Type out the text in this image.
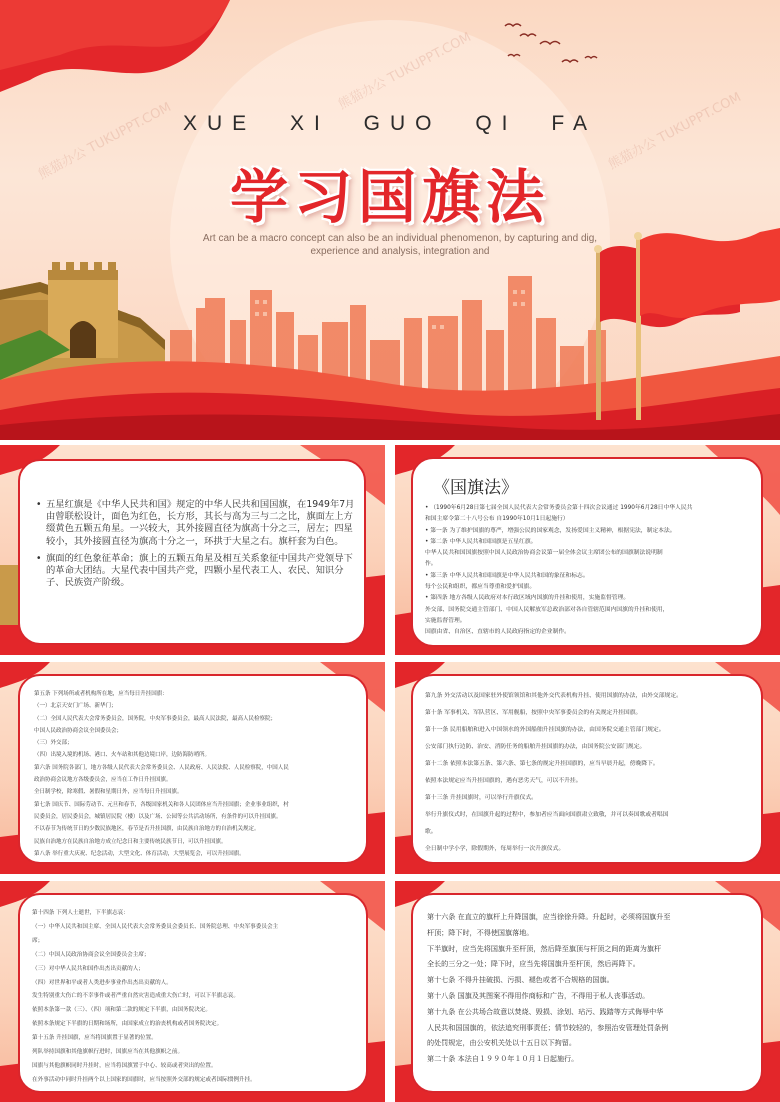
熊猫办公 TUKUPPT.COM
熊猫办公 TUKUPPT.COM
熊猫办公 TUKUPPT.COM
XUE XI GUO QI FA
学习国旗法
Art can be a macro concept can also be an individual phenomenon, by capturing and dig, experience and analysis, integration and
• 五星红旗是《中华人民共和国》规定的中华人民共和国国旗，在1949年7月由曾联松设计，面色为红色，长方形，其长与高为三与二之比，旗面左上方缀黄色五颗五角星。一兴较大，其外接圆直径为旗高十分之三，居左；四星较小，其外接圆直径为旗高十分之一，环拱于大星之右。旗杆套为白色。
• 旗面的红色象征革命；旗上的五颗五角星及相互关系象征中国共产党领导下的革命大团结。大星代表中国共产党，四颗小星代表工人、农民、知识分子、民族资产阶级。
《国旗法》
• （1990年6月28日第七届全国人民代表大会常务委员会第十四次会议通过 1990年6月28日中华人民共
和国主席令第二十八号公布 自1990年10月1日起施行）
• 第一条 为了维护国旗的尊严，增强公民的国家观念，发扬爱国主义精神，根据宪法，制定本法。
• 第二条 中华人民共和国国旗是五星红旗。
中华人民共和国国旗按照中国人民政治协商会议第一届全体会议主席团公布的国旗制法说明制
作。
• 第三条 中华人民共和国国旗是中华人民共和国的象征和标志。
每个公民和组织，都应当尊重和爱护国旗。
• 第四条 地方各级人民政府对本行政区域内国旗的升挂和使用，实施监督管理。
外交部、国务院交通主管部门、中国人民解放军总政治部对各自管辖范围内国旗的升挂和使用，
实施监督管理。
国旗由省、自治区、直辖市的人民政府指定的企业制作。
第五条 下列场所或者机构所在地，应当每日升挂国旗：
（一）北京天安门广场、新华门；
（二）全国人民代表大会常务委员会，国务院，中央军事委员会，最高人民法院，最高人民检察院；
中国人民政治协商会议全国委员会；
（三）外交部；
（四）出境入境的机场、港口、火车站和其他边境口岸，边防海防哨所。
第六条 国务院各部门，地方各级人民代表大会常务委员会、人民政府、人民法院、人民检察院，中国人民
政治协商会议地方各级委员会，应当在工作日升挂国旗。
全日制学校，除寒假、暑假和星期日外，应当每日升挂国旗。
第七条 国庆节、国际劳动节、元旦和春节，各级国家机关和各人民团体应当升挂国旗；企业事业组织，村
民委员会，居民委员会，城镇居民院（楼）以及广场、公园等公共活动场所，有条件的可以升挂国旗。
不以春节为传统节日的少数民族地区，春节是否升挂国旗，由民族自治地方的自治机关规定。
民族自治地方在民族自治地方成立纪念日和主要传统民族节日，可以升挂国旗。
第八条 举行重大庆祝、纪念活动，大型文化、体育活动，大型展览会，可以升挂国旗。
第九条 外交活动以及国家驻外使馆领馆和其他外交代表机构升挂、使用国旗的办法，由外交部规定。
第十条 军事机关、军队营区、军用舰船，按照中央军事委员会的有关规定升挂国旗。
第十一条 民用船舶和进入中国领水的外国船舶升挂国旗的办法，由国务院交通主管部门规定。
公安部门执行边防、治安、消防任务的船舶升挂国旗的办法，由国务院公安部门规定。
第十二条 依照本法第五条、第六条、第七条的规定升挂国旗的，应当早晨升起，傍晚降下。
依照本法规定应当升挂国旗的，遇有恶劣天气，可以不升挂。
第十三条 升挂国旗时，可以举行升旗仪式。
举行升旗仪式时，在国旗升起的过程中，参加者应当面向国旗肃立致敬，并可以奏国歌或者唱国
歌。
全日制中学小学，除假期外，每周举行一次升旗仪式。
第十四条 下列人士逝世，下半旗志哀：
（一）中华人民共和国主席、全国人民代表大会常务委员会委员长、国务院总理、中央军事委员会主
席；
（二）中国人民政治协商会议全国委员会主席；
（三）对中华人民共和国作出杰出贡献的人；
（四）对世界和平或者人类进步事业作出杰出贡献的人。
发生特别重大伤亡的不幸事件或者严重自然灾害造成重大伤亡时，可以下半旗志哀。
依照本条第一款（三）、（四）项和第二款的规定下半旗，由国务院决定。
依照本条规定下半旗的日期和场所，由国家成立的治丧机构或者国务院决定。
第十五条 升挂国旗，应当将国旗置于显著的位置。
列队举持国旗和其他旗帜行进时，国旗应当在其他旗帜之前。
国旗与其他旗帜同时升挂时，应当将国旗置于中心、较高或者突出的位置。
在外事活动中同时升挂两个以上国家的国旗时，应当按照外交部的规定或者国际惯例升挂。
第十六条 在直立的旗杆上升降国旗，应当徐徐升降。升起时，必须将国旗升至
杆顶；降下时，不得使国旗落地。
下半旗时，应当先将国旗升至杆顶，然后降至旗顶与杆顶之间的距离为旗杆
全长的三分之一处；降下时，应当先将国旗升至杆顶，然后再降下。
第十七条 不得升挂破损、污损、褪色或者不合规格的国旗。
第十八条 国旗及其图案不得用作商标和广告，不得用于私人丧事活动。
第十九条 在公共场合故意以焚烧、毁损、涂划、玷污、践踏等方式侮辱中华
人民共和国国旗的，依法追究刑事责任；情节较轻的，参照治安管理处罚条例
的处罚规定，由公安机关处以十五日以下拘留。
第二十条 本法自１９９０年１０月１日起施行。
